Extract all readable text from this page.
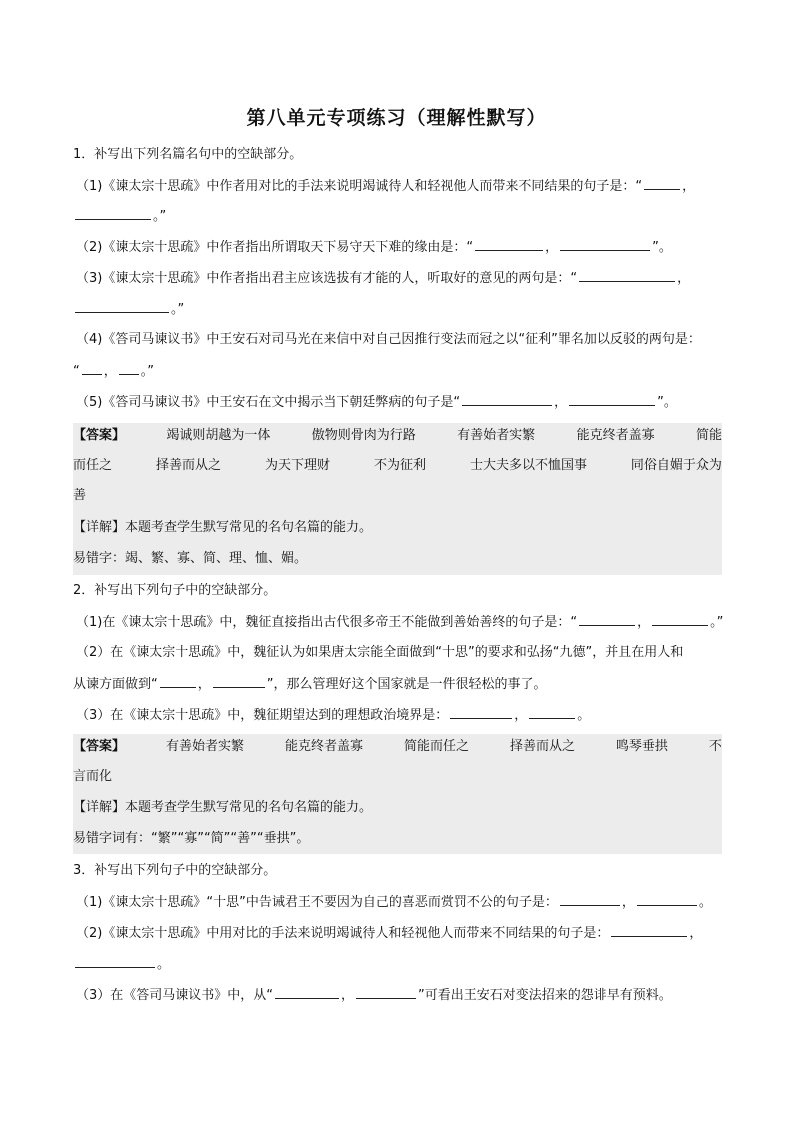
第八单元专项练习（理解性默写）
1．补写出下列名篇名句中的空缺部分。
（1)《谏太宗十思疏》中作者用对比的手法来说明竭诚待人和轻视他人而带来不同结果的句子是：“	，
。”
（2)《谏太宗十思疏》中作者指出所谓取天下易守天下难的缘由是：“	，	”。
（3)《谏太宗十思疏》中作者指出君主应该选拔有才能的人，听取好的意见的两句是：“	，
。”
（4)《答司马谏议书》中王安石对司马光在来信中对自己因推行变法而冠之以“征利”罪名加以反驳的两句是：
“ ， 。”
（5)《答司马谏议书》中王安石在文中揭示当下朝廷弊病的句子是“	，	”。
【答案】	竭诚则胡越为一体	傲物则骨肉为行路	有善始者实繁	能克终者盖寡	简能
而任之	择善而从之	为天下理财	不为征利	士大夫多以不恤国事	同俗自媚于众为
善
【详解】本题考查学生默写常见的名句名篇的能力。
易错字：竭、繁、寡、简、理、恤、媚。
2．补写出下列句子中的空缺部分。
（1)在《谏太宗十思疏》中，魏征直接指出古代很多帝王不能做到善始善终的句子是：“	，	。”
（2）在《谏太宗十思疏》中，魏征认为如果唐太宗能全面做到“十思”的要求和弘扬“九德”，并且在用人和
从谏方面做到“	，	”，那么管理好这个国家就是一件很轻松的事了。
（3）在《谏太宗十思疏》中，魏征期望达到的理想政治境界是：	，	。
【答案】	有善始者实繁	能克终者盖寡	简能而任之	择善而从之	鸣琴垂拱	不
言而化
【详解】本题考查学生默写常见的名句名篇的能力。
易错字词有：“繁”“寡”“简”“善”“垂拱”。
3．补写出下列句子中的空缺部分。
（1)《谏太宗十思疏》“十思”中告诫君王不要因为自己的喜恶而赏罚不公的句子是：	，	。
（2)《谏太宗十思疏》中用对比的手法来说明竭诚待人和轻视他人而带来不同结果的句子是：	，
。
（3）在《答司马谏议书》中，从“	，	”可看出王安石对变法招来的怨诽早有预料。
